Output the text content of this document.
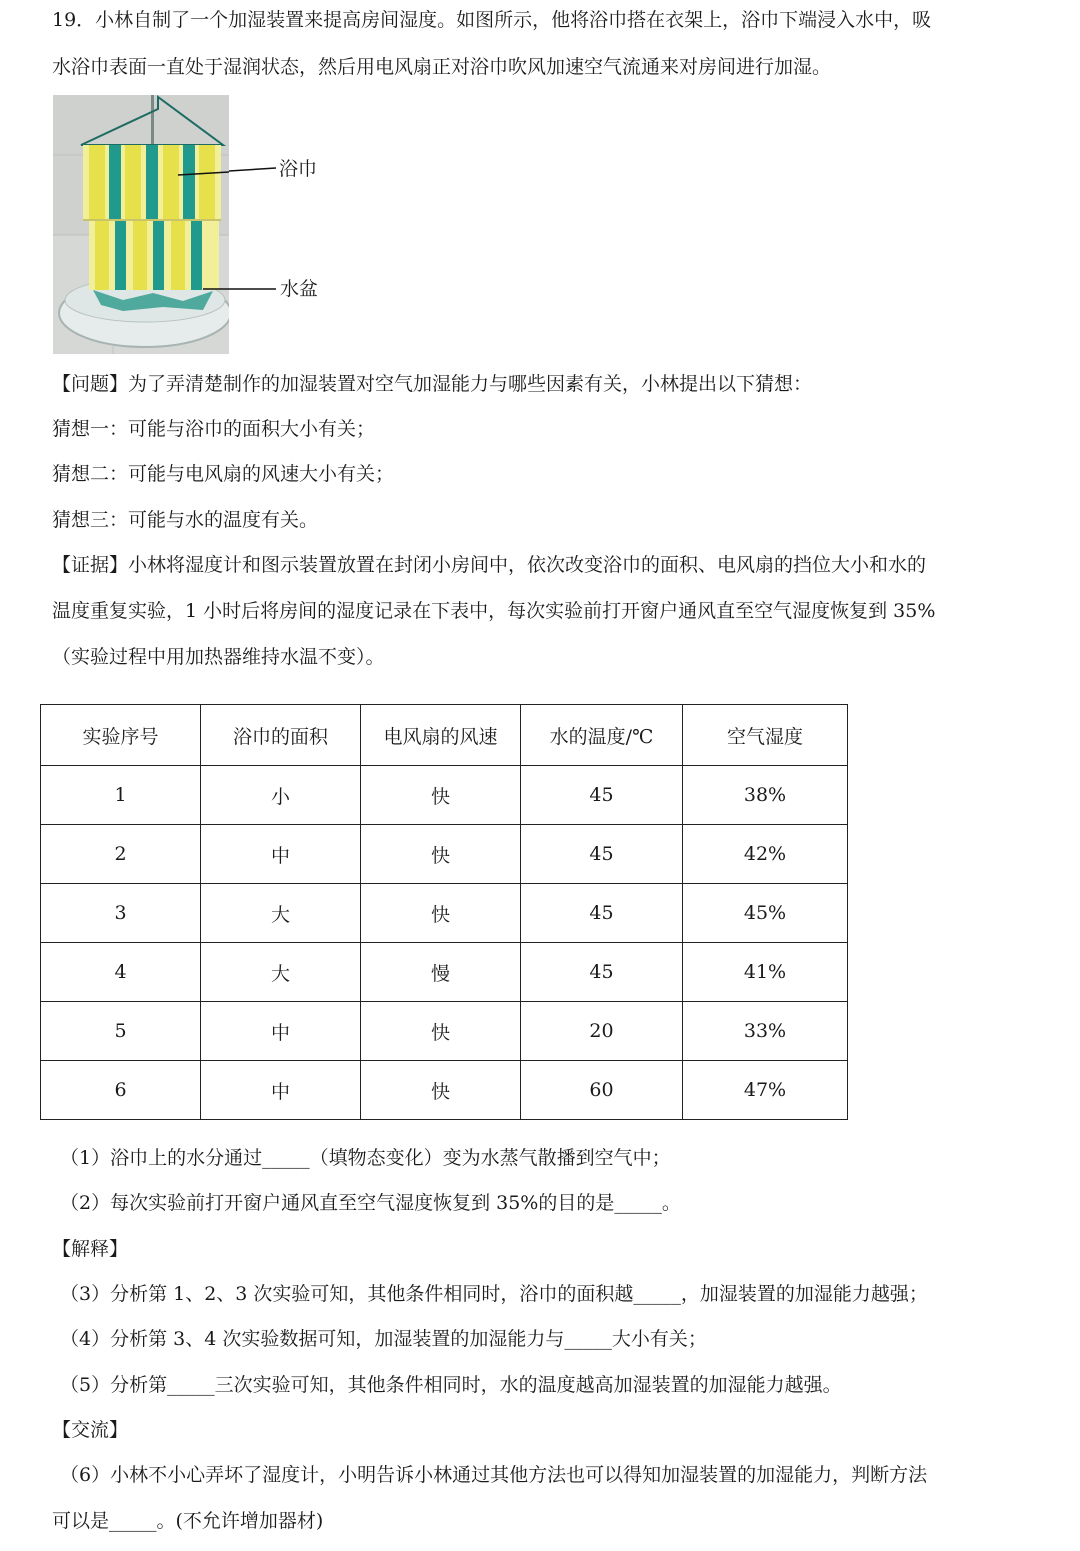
19．小林自制了一个加湿装置来提高房间湿度。如图所示，他将浴巾搭在衣架上，浴巾下端浸入水中，吸
水浴巾表面一直处于湿润状态，然后用电风扇正对浴巾吹风加速空气流通来对房间进行加湿。
浴巾
水盆
【问题】为了弄清楚制作的加湿装置对空气加湿能力与哪些因素有关，小林提出以下猜想：
猜想一：可能与浴巾的面积大小有关；
猜想二：可能与电风扇的风速大小有关；
猜想三：可能与水的温度有关。
【证据】小林将湿度计和图示装置放置在封闭小房间中，依次改变浴巾的面积、电风扇的挡位大小和水的
温度重复实验，1 小时后将房间的湿度记录在下表中，每次实验前打开窗户通风直至空气湿度恢复到 35%
（实验过程中用加热器维持水温不变）。
实验序号	浴巾的面积	电风扇的风速	水的温度/℃	空气湿度
1	小	快	45	38%
2	中	快	45	42%
3	大	快	45	45%
4	大	慢	45	41%
5	中	快	20	33%
6	中	快	60	47%
（1）浴巾上的水分通过_____（填物态变化）变为水蒸气散播到空气中；
（2）每次实验前打开窗户通风直至空气湿度恢复到 35%的目的是_____。
【解释】
（3）分析第 1、2、3 次实验可知，其他条件相同时，浴巾的面积越_____，加湿装置的加湿能力越强；
（4）分析第 3、4 次实验数据可知，加湿装置的加湿能力与_____大小有关；
（5）分析第_____三次实验可知，其他条件相同时，水的温度越高加湿装置的加湿能力越强。
【交流】
（6）小林不小心弄坏了湿度计，小明告诉小林通过其他方法也可以得知加湿装置的加湿能力，判断方法
可以是_____。(不允许增加器材)
